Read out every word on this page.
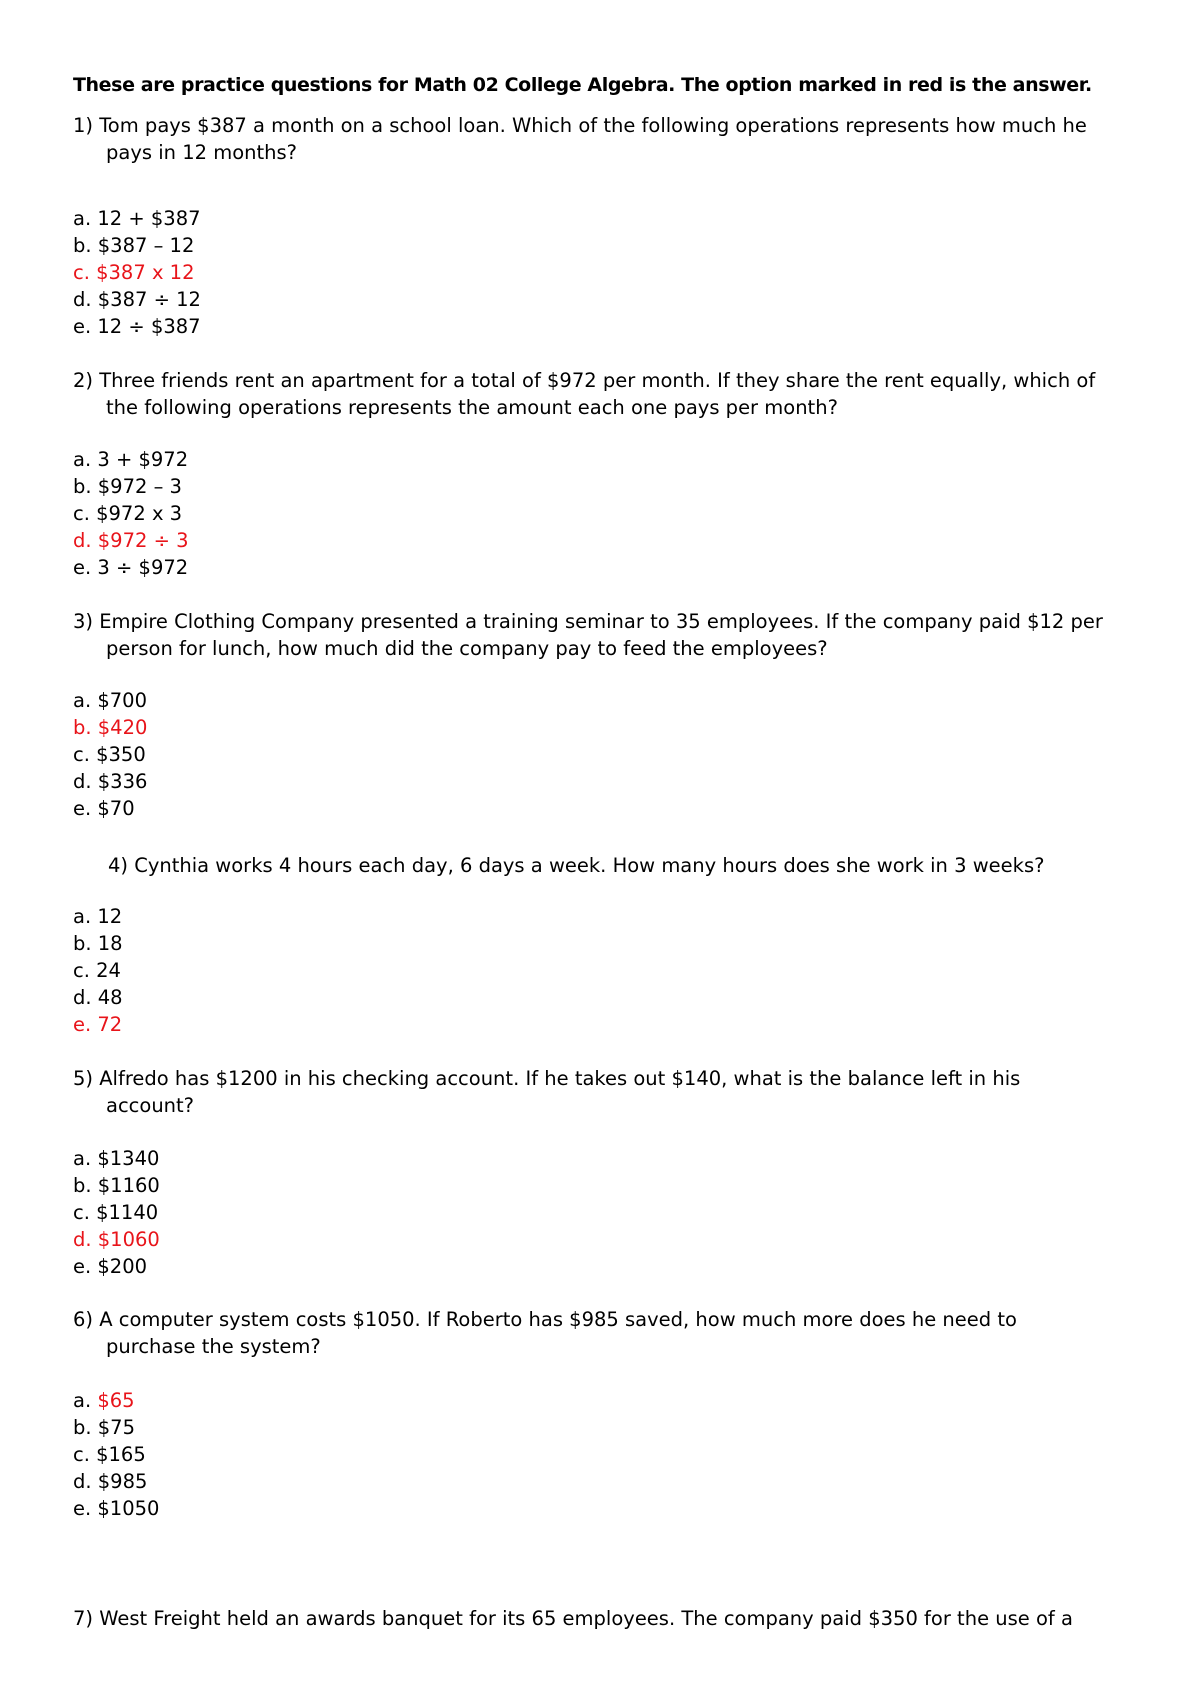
These are practice questions for Math 02 College Algebra. The option marked in red is the answer.
1) Tom pays $387 a month on a school loan. Which of the following operations represents how much he
pays in 12 months?
a. 12 + $387
b. $387 – 12
c. $387 x 12
d. $387 ÷ 12
e. 12 ÷ $387
2) Three friends rent an apartment for a total of $972 per month. If they share the rent equally, which of
the following operations represents the amount each one pays per month?
a. 3 + $972
b. $972 – 3
c. $972 x 3
d. $972 ÷ 3
e. 3 ÷ $972
3) Empire Clothing Company presented a training seminar to 35 employees. If the company paid $12 per
person for lunch, how much did the company pay to feed the employees?
a. $700
b. $420
c. $350
d. $336
e. $70
4) Cynthia works 4 hours each day, 6 days a week. How many hours does she work in 3 weeks?
a. 12
b. 18
c. 24
d. 48
e. 72
5) Alfredo has $1200 in his checking account. If he takes out $140, what is the balance left in his
account?
a. $1340
b. $1160
c. $1140
d. $1060
e. $200
6) A computer system costs $1050. If Roberto has $985 saved, how much more does he need to
purchase the system?
a. $65
b. $75
c. $165
d. $985
e. $1050
7) West Freight held an awards banquet for its 65 employees. The company paid $350 for the use of a
